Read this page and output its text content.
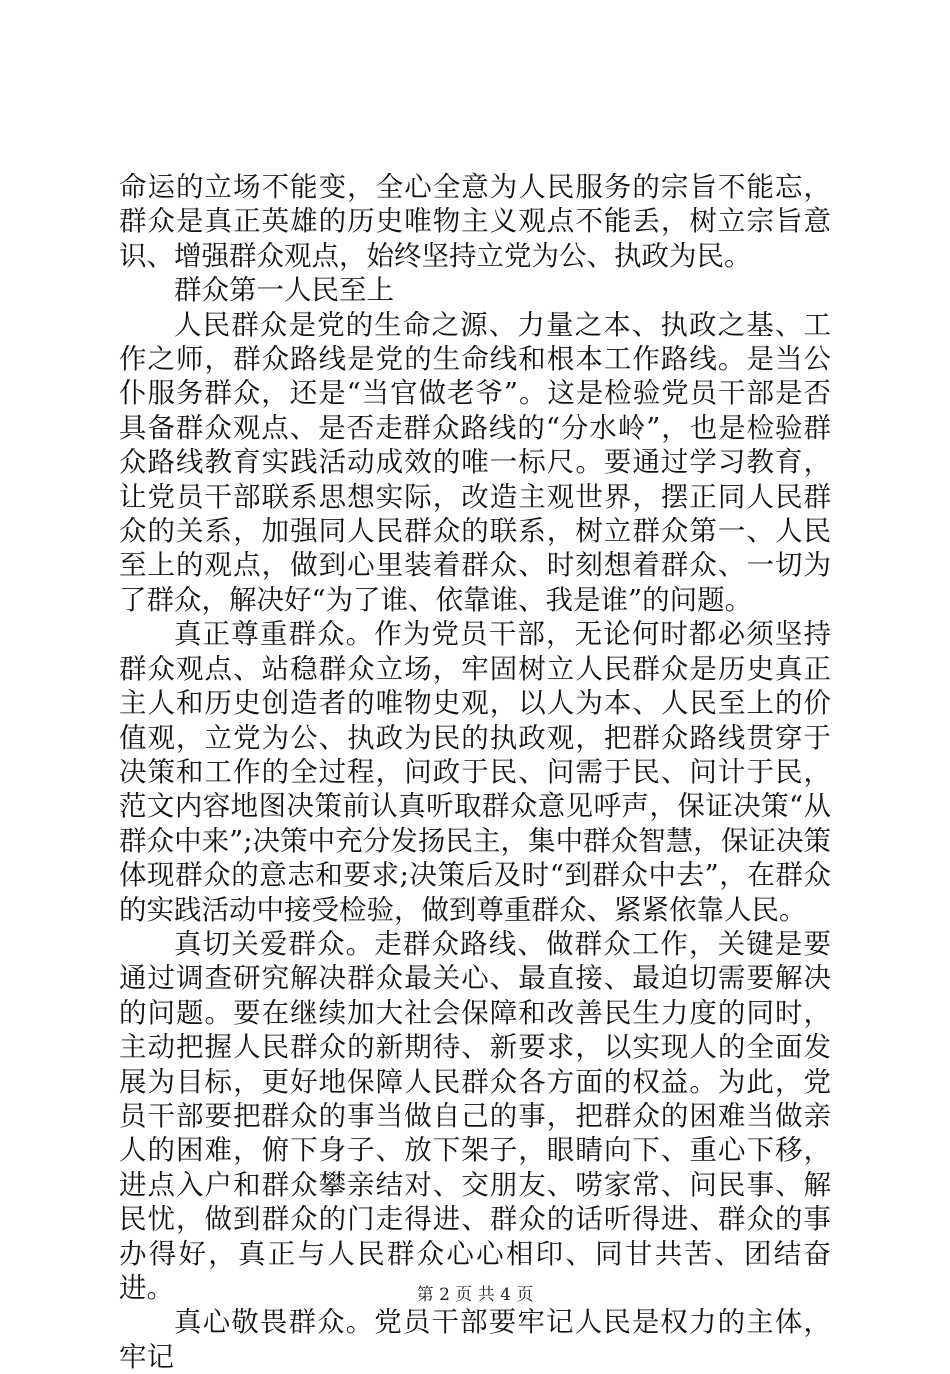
命运的立场不能变，全心全意为人民服务的宗旨不能忘，群众是真正英雄的历史唯物主义观点不能丢，树立宗旨意识、增强群众观点，始终坚持立党为公、执政为民。

群众第一人民至上

人民群众是党的生命之源、力量之本、执政之基、工作之师，群众路线是党的生命线和根本工作路线。是当公仆服务群众，还是“当官做老爷”。这是检验党员干部是否具备群众观点、是否走群众路线的“分水岭”，也是检验群众路线教育实践活动成效的唯一标尺。要通过学习教育，让党员干部联系思想实际，改造主观世界，摆正同人民群众的关系，加强同人民群众的联系，树立群众第一、人民至上的观点，做到心里装着群众、时刻想着群众、一切为了群众，解决好“为了谁、依靠谁、我是谁”的问题。

真正尊重群众。作为党员干部，无论何时都必须坚持群众观点、站稳群众立场，牢固树立人民群众是历史真正主人和历史创造者的唯物史观，以人为本、人民至上的价值观，立党为公、执政为民的执政观，把群众路线贯穿于决策和工作的全过程，问政于民、问需于民、问计于民，范文内容地图决策前认真听取群众意见呼声，保证决策“从群众中来”;决策中充分发扬民主，集中群众智慧，保证决策体现群众的意志和要求;决策后及时“到群众中去”，在群众的实践活动中接受检验，做到尊重群众、紧紧依靠人民。

真切关爱群众。走群众路线、做群众工作，关键是要通过调查研究解决群众最关心、最直接、最迫切需要解决的问题。要在继续加大社会保障和改善民生力度的同时，主动把握人民群众的新期待、新要求，以实现人的全面发展为目标，更好地保障人民群众各方面的权益。为此，党员干部要把群众的事当做自己的事，把群众的困难当做亲人的困难，俯下身子、放下架子，眼睛向下、重心下移，进点入户和群众攀亲结对、交朋友、唠家常、问民事、解民忧，做到群众的门走得进、群众的话听得进、群众的事办得好，真正与人民群众心心相印、同甘共苦、团结奋进。

真心敬畏群众。党员干部要牢记人民是权力的主体，牢记

第 2 页 共 4 页
